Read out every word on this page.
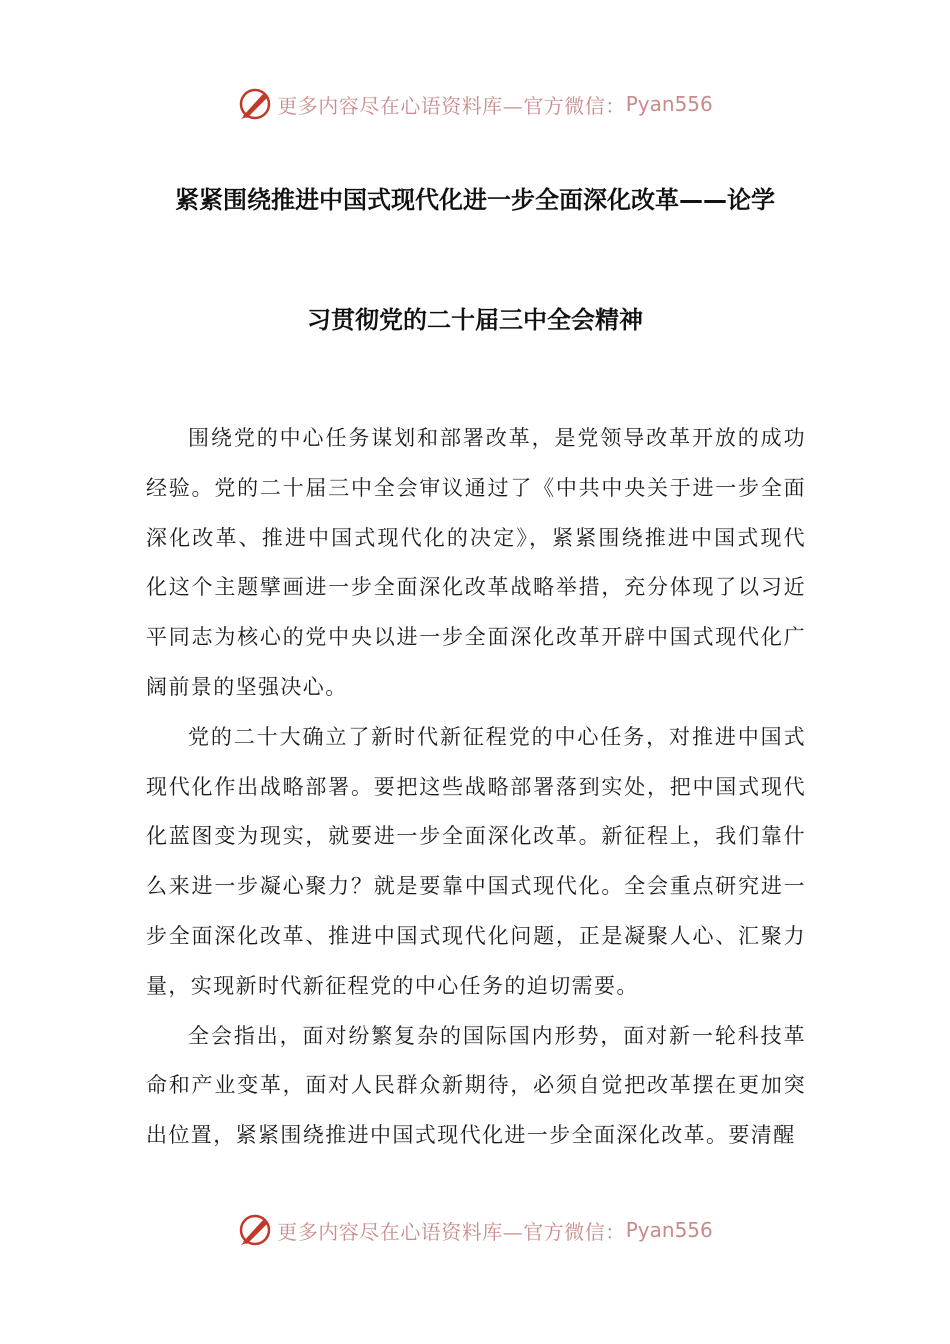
更多内容尽在心语资料库—官方微信： Pyan556
紧紧围绕推进中国式现代化进一步全面深化改革——论学
习贯彻党的二十届三中全会精神

围绕党的中心任务谋划和部署改革，是党领导改革开放的成功经验。党的二十届三中全会审议通过了《中共中央关于进一步全面深化改革、推进中国式现代化的决定》，紧紧围绕推进中国式现代化这个主题擘画进一步全面深化改革战略举措，充分体现了以习近平同志为核心的党中央以进一步全面深化改革开辟中国式现代化广阔前景的坚强决心。

党的二十大确立了新时代新征程党的中心任务，对推进中国式现代化作出战略部署。要把这些战略部署落到实处，把中国式现代化蓝图变为现实，就要进一步全面深化改革。新征程上，我们靠什么来进一步凝心聚力？就是要靠中国式现代化。全会重点研究进一步全面深化改革、推进中国式现代化问题，正是凝聚人心、汇聚力量，实现新时代新征程党的中心任务的迫切需要。

全会指出，面对纷繁复杂的国际国内形势，面对新一轮科技革命和产业变革，面对人民群众新期待，必须自觉把改革摆在更加突出位置，紧紧围绕推进中国式现代化进一步全面深化改革。要清醒

更多内容尽在心语资料库—官方微信： Pyan556
